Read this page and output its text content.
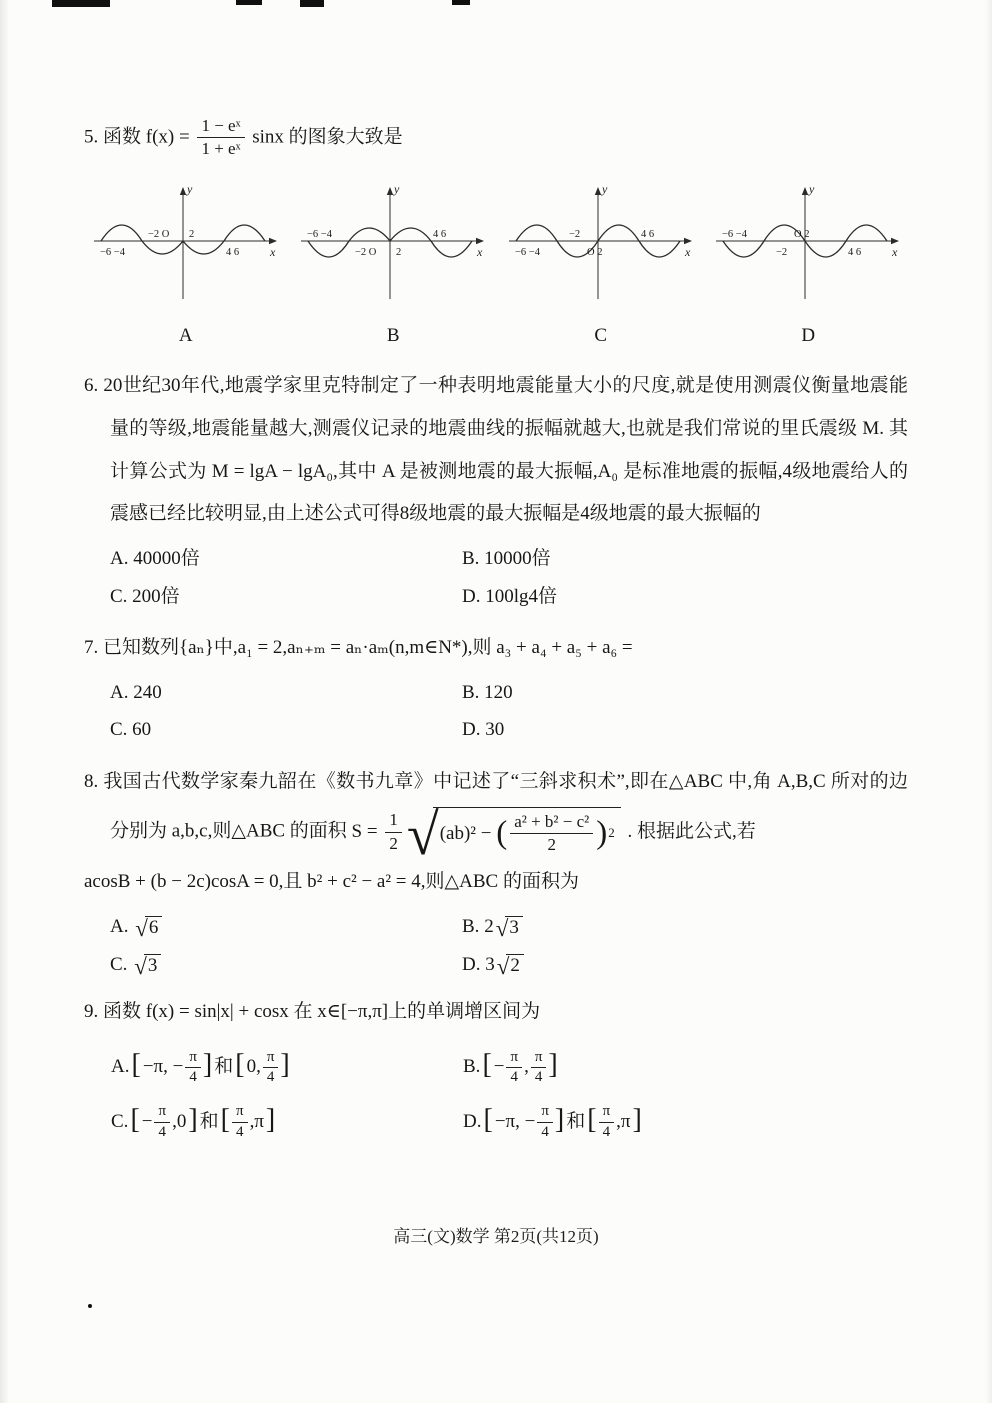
5. 函数 $f(x) = \frac{\text{1 − eˣ}}{\text{1 + eˣ}}$ sinx 的图象大致是
y
x
−2 O 2
−6 −4	4 6
A
y
x
−6 −4	4 6
−2 O 2
B
y
x
−2	4 6
−6 −4	O 2
C
y
x
−6 −4	O 2
−2	4 6
D

6. 20世纪30年代,地震学家里克特制定了一种表明地震能量大小的尺度,就是使用测震仪衡量地震能量的等级,地震能量越大,测震仪记录的地震曲线的振幅就越大,也就是我们常说的里氏震级 M. 其计算公式为 M = lgA − lgA₀,其中 A 是被测地震的最大振幅,A₀ 是标准地震的振幅,4级地震给人的震感已经比较明显,由上述公式可得8级地震的最大振幅是4级地震的最大振幅的

A. 40000倍	B. 10000倍
C. 200倍	D. 100lg4倍

7. 已知数列{aₙ}中,a₁ = 2,aₙ₊ₘ = aₙ·aₘ(n,m∈N*),则 a₃ + a₄ + a₅ + a₆ =

A. 240	B. 120
C. 60	D. 30

8. 我国古代数学家秦九韶在《数书九章》中记述了“三斜求积术”,即在△ABC 中,角 A,B,C 所对的边分别为 a,b,c,则△ABC 的面积 $S = \frac{1}{2}$ √ (ab)² −
( $\frac{\text{a² + b² − c²}}{2}$ ) 2 . 根据此公式,若

acosB + (b − 2c)cosA = 0,且 b² + c² − a² = 4,则△ABC 的面积为

A. √ 6	B. 2 √ 3
C. √ 3	D. 3 √ 2

9. 函数 f(x) = sin|x| + cosx 在 x∈[−π,π]上的单调增区间为

A.[ −π, − $\frac{\pi}{4}$ ] 和[ 0, $\frac{\pi}{4}$ ]	$B.[ - \frac{\pi}{4}$ , $\frac{\pi}{4}$ ]
$C.[ - \frac{\pi}{4} ,0]$ 和[ $\frac{\pi}{4} ,\pi$]	D.[ −π, − $\frac{\pi}{4}$ ] 和[ $\frac{\pi}{4} ,\pi$]
高三(文)数学 第2页(共12页)
